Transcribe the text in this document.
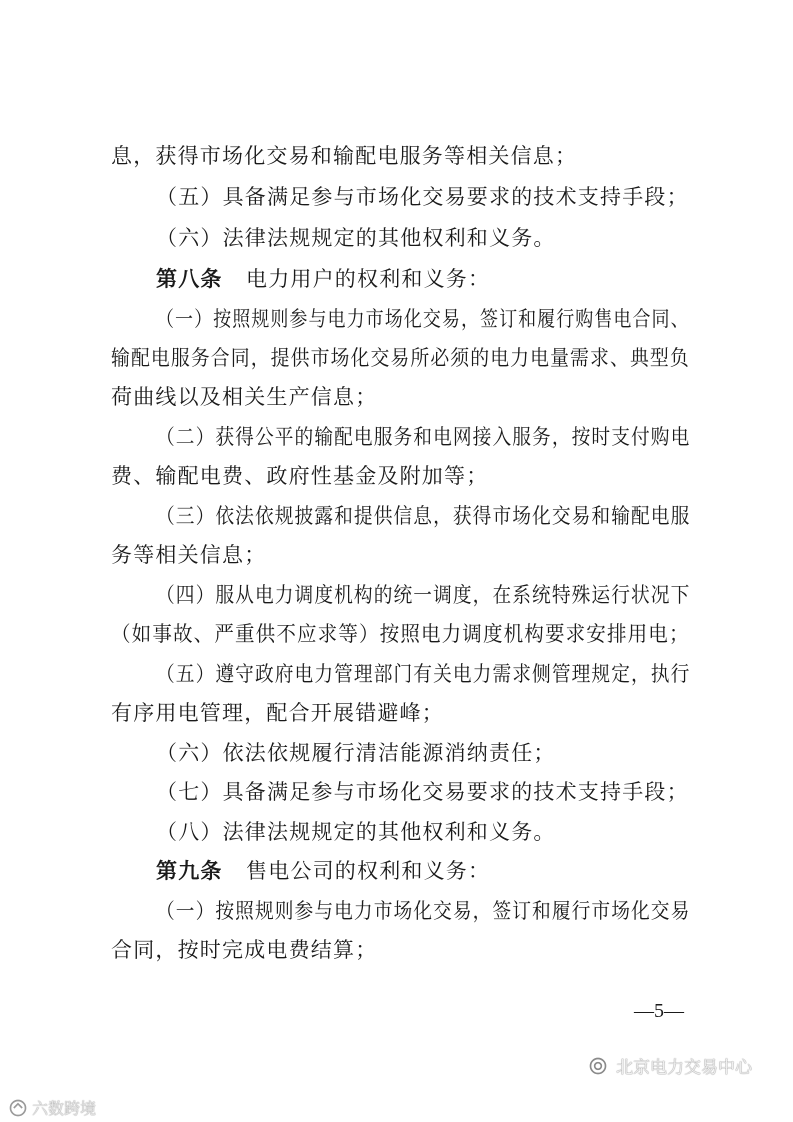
息，获得市场化交易和输配电服务等相关信息；
（五）具备满足参与市场化交易要求的技术支持手段；
（六）法律法规规定的其他权利和义务。
第八条 电力用户的权利和义务：
（一）按照规则参与电力市场化交易，签订和履行购售电合同、
输配电服务合同，提供市场化交易所必须的电力电量需求、典型负
荷曲线以及相关生产信息；
（二）获得公平的输配电服务和电网接入服务，按时支付购电
费、输配电费、政府性基金及附加等；
（三）依法依规披露和提供信息，获得市场化交易和输配电服
务等相关信息；
（四）服从电力调度机构的统一调度，在系统特殊运行状况下
（如事故、严重供不应求等）按照电力调度机构要求安排用电；
（五）遵守政府电力管理部门有关电力需求侧管理规定，执行
有序用电管理，配合开展错避峰；
（六）依法依规履行清洁能源消纳责任；
（七）具备满足参与市场化交易要求的技术支持手段；
（八）法律法规规定的其他权利和义务。
第九条 售电公司的权利和义务：
（一）按照规则参与电力市场化交易，签订和履行市场化交易
合同，按时完成电费结算；
—5—
北京电力交易中心
六数跨境
